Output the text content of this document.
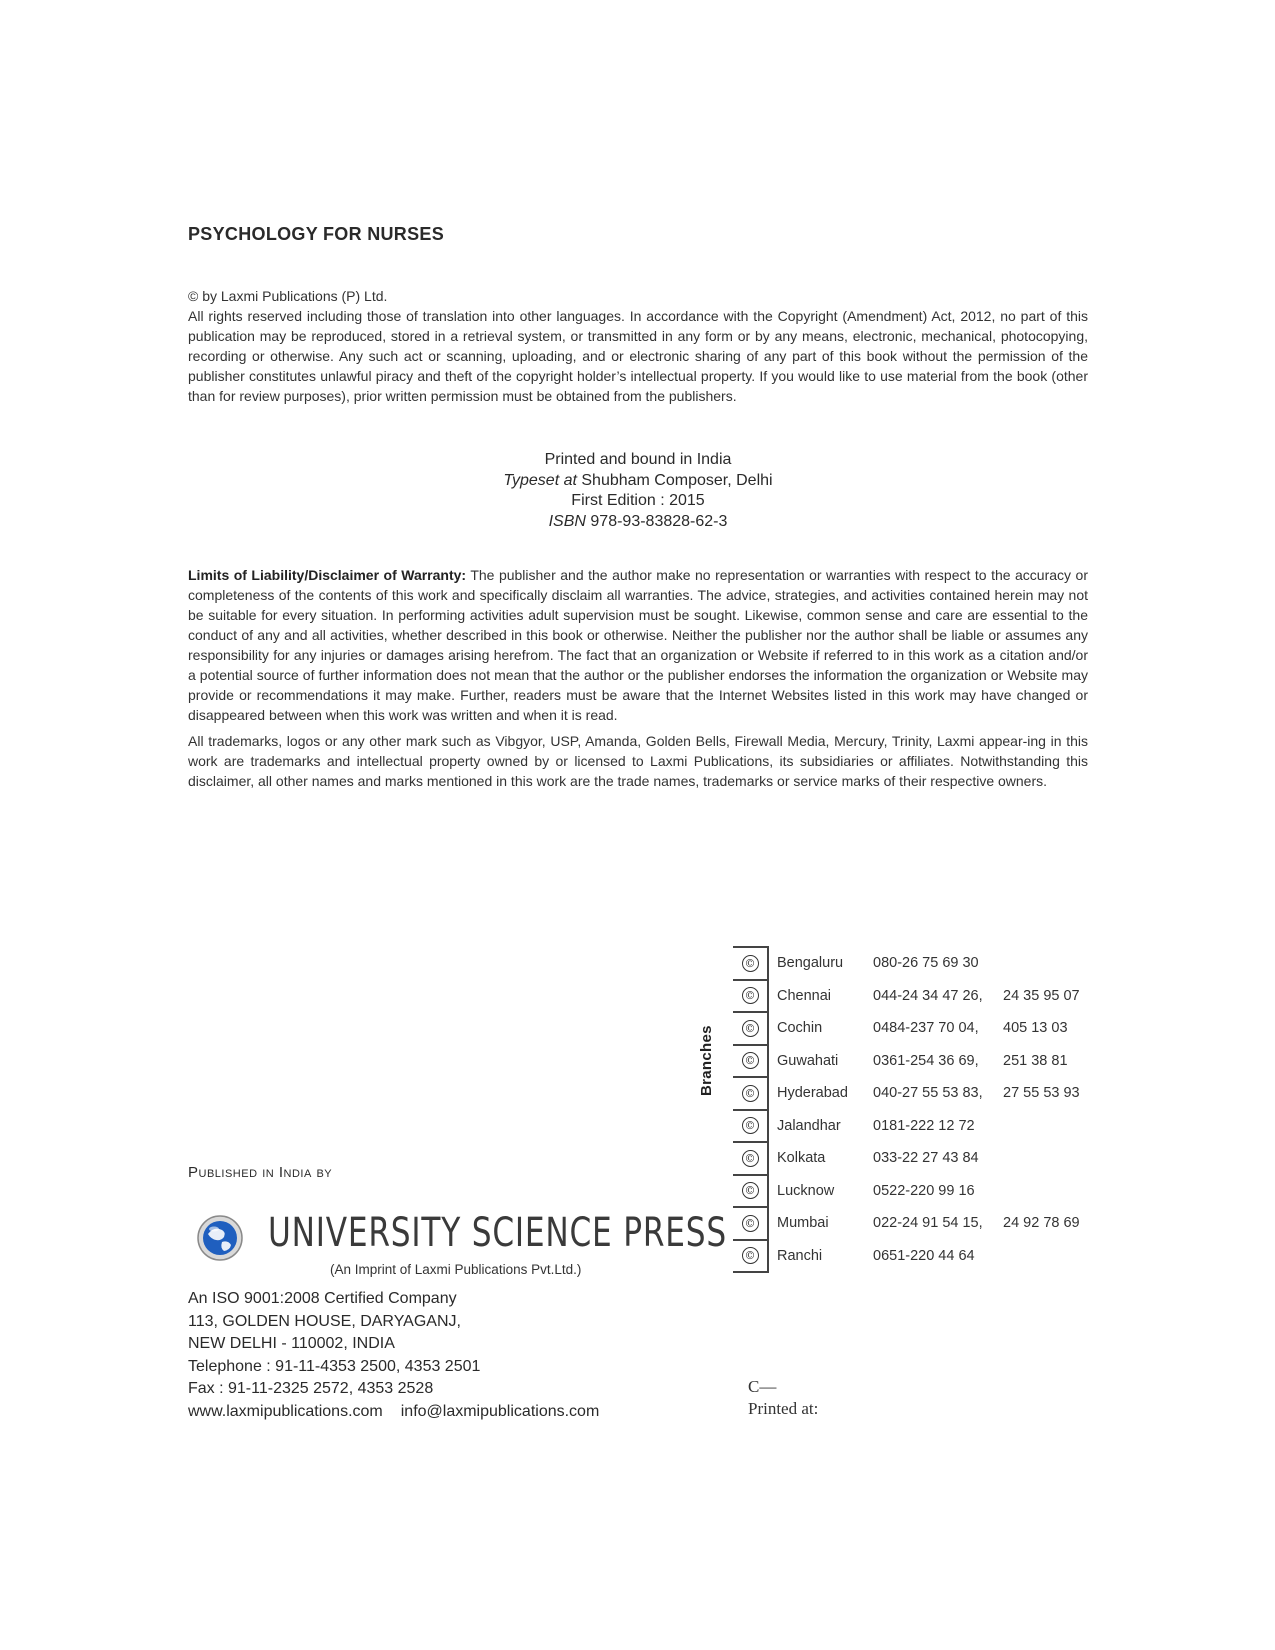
PSYCHOLOGY FOR NURSES

© by Laxmi Publications (P) Ltd.

All rights reserved including those of translation into other languages. In accordance with the Copyright (Amendment) Act, 2012, no part of this publication may be reproduced, stored in a retrieval system, or transmitted in any form or by any means, electronic, mechanical, photocopying, recording or otherwise. Any such act or scanning, uploading, and or electronic sharing of any part of this book without the permission of the publisher constitutes unlawful piracy and theft of the copyright holder’s intellectual property. If you would like to use material from the book (other than for review purposes), prior written permission must be obtained from the publishers.

Printed and bound in India
Typeset at Shubham Composer, Delhi
First Edition : 2015
ISBN 978-93-83828-62-3

Limits of Liability/Disclaimer of Warranty: The publisher and the author make no representation or warranties with respect to the accuracy or completeness of the contents of this work and specifically disclaim all warranties. The advice, strategies, and activities contained herein may not be suitable for every situation. In performing activities adult supervision must be sought. Likewise, common sense and care are essential to the conduct of any and all activities, whether described in this book or otherwise. Neither the publisher nor the author shall be liable or assumes any responsibility for any injuries or damages arising herefrom. The fact that an organization or Website if referred to in this work as a citation and/or a potential source of further information does not mean that the author or the publisher endorses the information the organization or Website may provide or recommendations it may make. Further, readers must be aware that the Internet Websites listed in this work may have changed or disappeared between when this work was written and when it is read.

All trademarks, logos or any other mark such as Vibgyor, USP, Amanda, Golden Bells, Firewall Media, Mercury, Trinity, Laxmi appear-ing in this work are trademarks and intellectual property owned by or licensed to Laxmi Publications, its subsidiaries or affiliates. Notwithstanding this disclaimer, all other names and marks mentioned in this work are the trade names, trademarks or service marks of their respective owners.

Branches
©	Bengaluru	080-26 75 69 30	
©	Chennai	044-24 34 47 26,	24 35 95 07
©	Cochin	0484-237 70 04,	405 13 03
©	Guwahati	0361-254 36 69,	251 38 81
©	Hyderabad	040-27 55 53 83,	27 55 53 93
©	Jalandhar	0181-222 12 72	
©	Kolkata	033-22 27 43 84	
©	Lucknow	0522-220 99 16	
©	Mumbai	022-24 91 54 15,	24 92 78 69
©	Ranchi	0651-220 44 64	
Published in India by
UNIVERSITY SCIENCE PRESS
(An Imprint of Laxmi Publications Pvt.Ltd.)
An ISO 9001:2008 Certified Company
113, GOLDEN HOUSE, DARYAGANJ,
NEW DELHI - 110002, INDIA
Telephone : 91-11-4353 2500, 4353 2501
Fax : 91-11-2325 2572, 4353 2528
www.laxmipublications.com info@laxmipublications.com
C—
Printed at:
